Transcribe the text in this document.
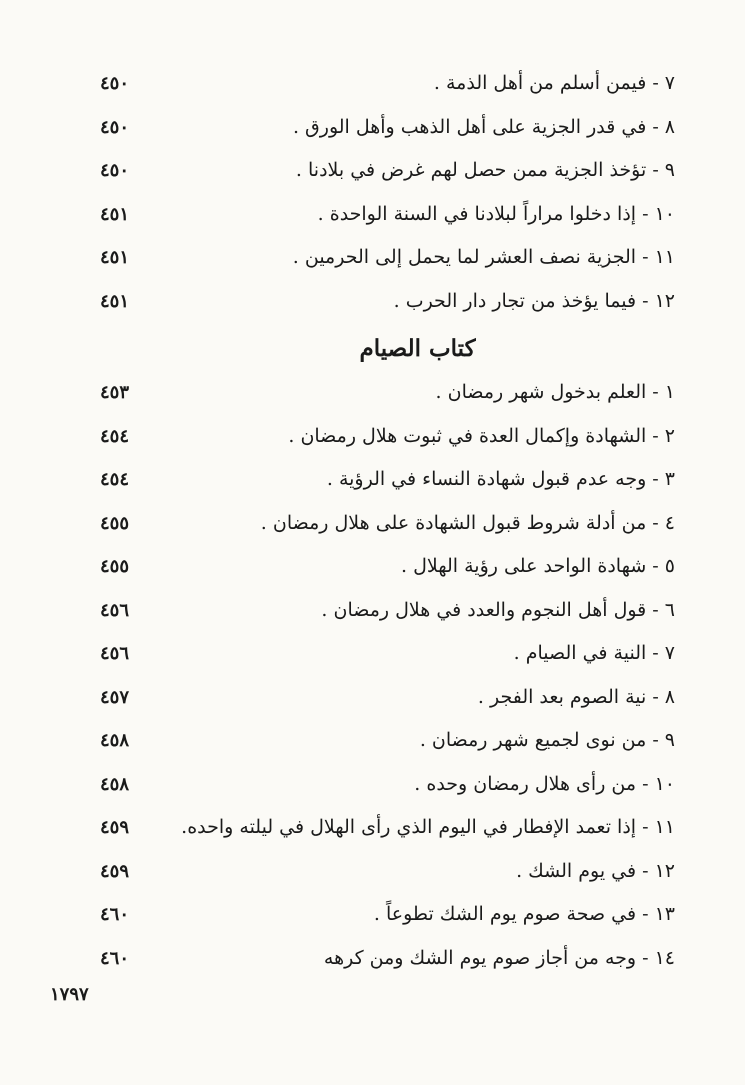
٧ - فيمن أسلم من أهل الذمة .
٤٥٠
٨ - في قدر الجزية على أهل الذهب وأهل الورق .
٤٥٠
٩ - تؤخذ الجزية ممن حصل لهم غرض في بلادنا .
٤٥٠
١٠ - إذا دخلوا مراراً لبلادنا في السنة الواحدة .
٤٥١
١١ - الجزية نصف العشر لما يحمل إلى الحرمين .
٤٥١
١٢ - فيما يؤخذ من تجار دار الحرب .
٤٥١
كتاب الصيام
١ - العلم بدخول شهر رمضان .
٤٥٣
٢ - الشهادة وإكمال العدة في ثبوت هلال رمضان .
٤٥٤
٣ - وجه عدم قبول شهادة النساء في الرؤية .
٤٥٤
٤ - من أدلة شروط قبول الشهادة على هلال رمضان .
٤٥٥
٥ - شهادة الواحد على رؤية الهلال .
٤٥٥
٦ - قول أهل النجوم والعدد في هلال رمضان .
٤٥٦
٧ - النية في الصيام .
٤٥٦
٨ - نية الصوم بعد الفجر .
٤٥٧
٩ - من نوى لجميع شهر رمضان .
٤٥٨
١٠ - من رأى هلال رمضان وحده .
٤٥٨
١١ - إذا تعمد الإفطار في اليوم الذي رأى الهلال في ليلته واحده.
٤٥٩
١٢ - في يوم الشك .
٤٥٩
١٣ - في صحة صوم يوم الشك تطوعاً .
٤٦٠
١٤ - وجه من أجاز صوم يوم الشك ومن كرهه
٤٦٠
١٧٩٧
